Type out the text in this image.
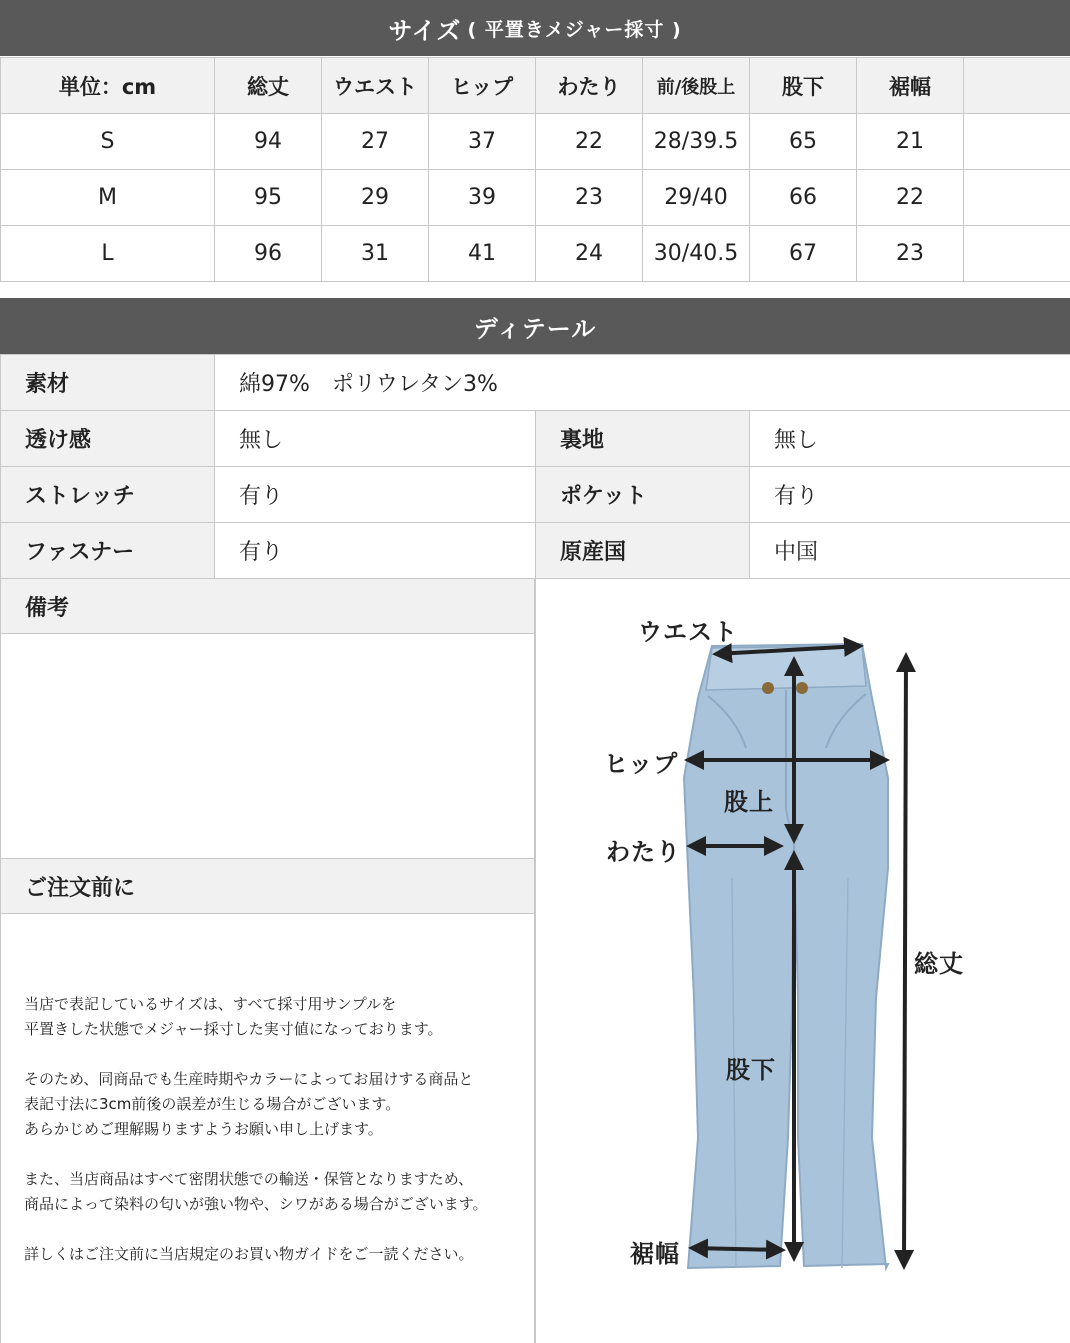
サイズ ( 平置きメジャー採寸 )
単位：cm	総丈	ウエスト	ヒップ	わたり	前/後股上	股下	裾幅	
S	94	27	37	22	28/39.5	65	21	
M	95	29	39	23	29/40	66	22	
L	96	31	41	24	30/40.5	67	23	
ディテール
素材	綿97%　ポリウレタン3%		
透け感	無し	裏地	無し
ストレッチ	有り	ポケット	有り
ファスナー	有り	原産国	中国
備考
ご注文前に

当店で表記しているサイズは、すべて採寸用サンプルを
平置きした状態でメジャー採寸した実寸値になっております。

そのため、同商品でも生産時期やカラーによってお届けする商品と
表記寸法に3cm前後の誤差が生じる場合がございます。
あらかじめご理解賜りますようお願い申し上げます。

また、当店商品はすべて密閉状態での輸送・保管となりますため、
商品によって染料の匂いが強い物や、シワがある場合がございます。

詳しくはご注文前に当店規定のお買い物ガイドをご一読ください。

ウエスト
ヒップ
股上
わたり
総丈
股下
裾幅
